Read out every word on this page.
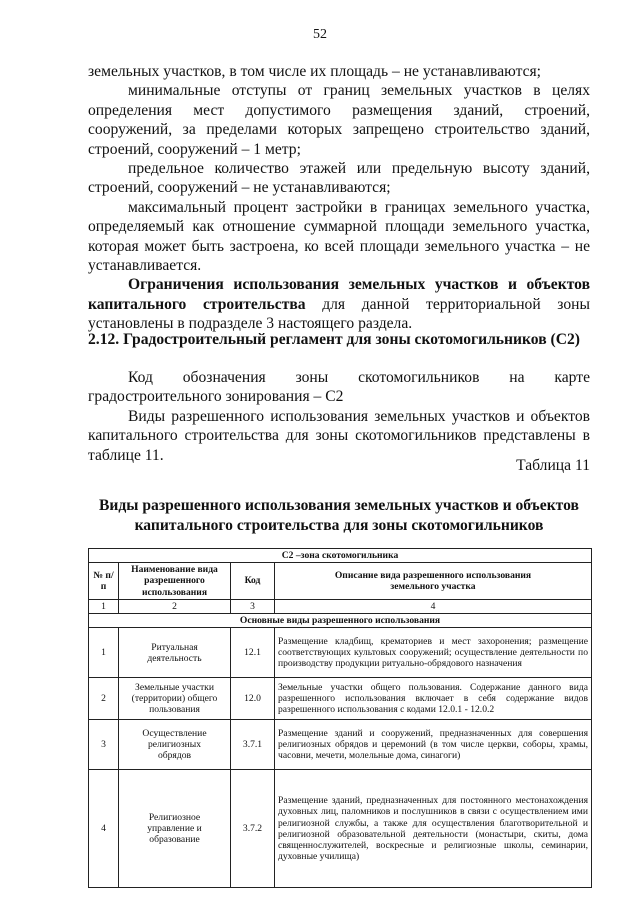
52

земельных участков, в том числе их площадь – не устанавливаются;

минимальные отступы от границ земельных участков в целях определения мест допустимого размещения зданий, строений, сооружений, за пределами которых запрещено строительство зданий, строений, сооружений – 1 метр;

предельное количество этажей или предельную высоту зданий, строений, сооружений – не устанавливаются;

максимальный процент застройки в границах земельного участка, определяемый как отношение суммарной площади земельного участка, которая может быть застроена, ко всей площади земельного участка – не устанавливается.

Ограничения использования земельных участков и объектов капитального строительства для данной территориальной зоны установлены в подразделе 3 настоящего раздела.

2.12. Градостроительный регламент для зоны скотомогильников (С2)
Код обозначения зоны скотомогильников на карте

градостроительного зонирования – С2

Виды разрешенного использования земельных участков и объектов капитального строительства для зоны скотомогильников представлены в таблице 11.

Таблица 11
Виды разрешенного использования земельных участков и объектов капитального строительства для зоны скотомогильников
С2 –зона скотомогильника			
№ п/п	Наименование вида разрешенного использования	Код	Описание вида разрешенного использования земельного участка
1	2	3	4
Основные виды разрешенного использования			
1	Ритуальная деятельность	12.1	Размещение кладбищ, крематориев и мест захоронения; размещение соответствующих культовых сооружений; осуществление деятельности по производству продукции ритуально-обрядового назначения
2	Земельные участки (территории) общего пользования	12.0	Земельные участки общего пользования. Содержание данного вида разрешенного использования включает в себя содержание видов разрешенного использования с кодами 12.0.1 - 12.0.2
3	Осуществление религиозных обрядов	3.7.1	Размещение зданий и сооружений, предназначенных для совершения религиозных обрядов и церемоний (в том числе церкви, соборы, храмы, часовни, мечети, молельные дома, синагоги)
4	Религиозное управление и образование	3.7.2	Размещение зданий, предназначенных для постоянного местонахождения духовных лиц, паломников и послушников в связи с осуществлением ими религиозной службы, а также для осуществления благотворительной и религиозной образовательной деятельности (монастыри, скиты, дома священнослужителей, воскресные и религиозные школы, семинарии, духовные училища)
